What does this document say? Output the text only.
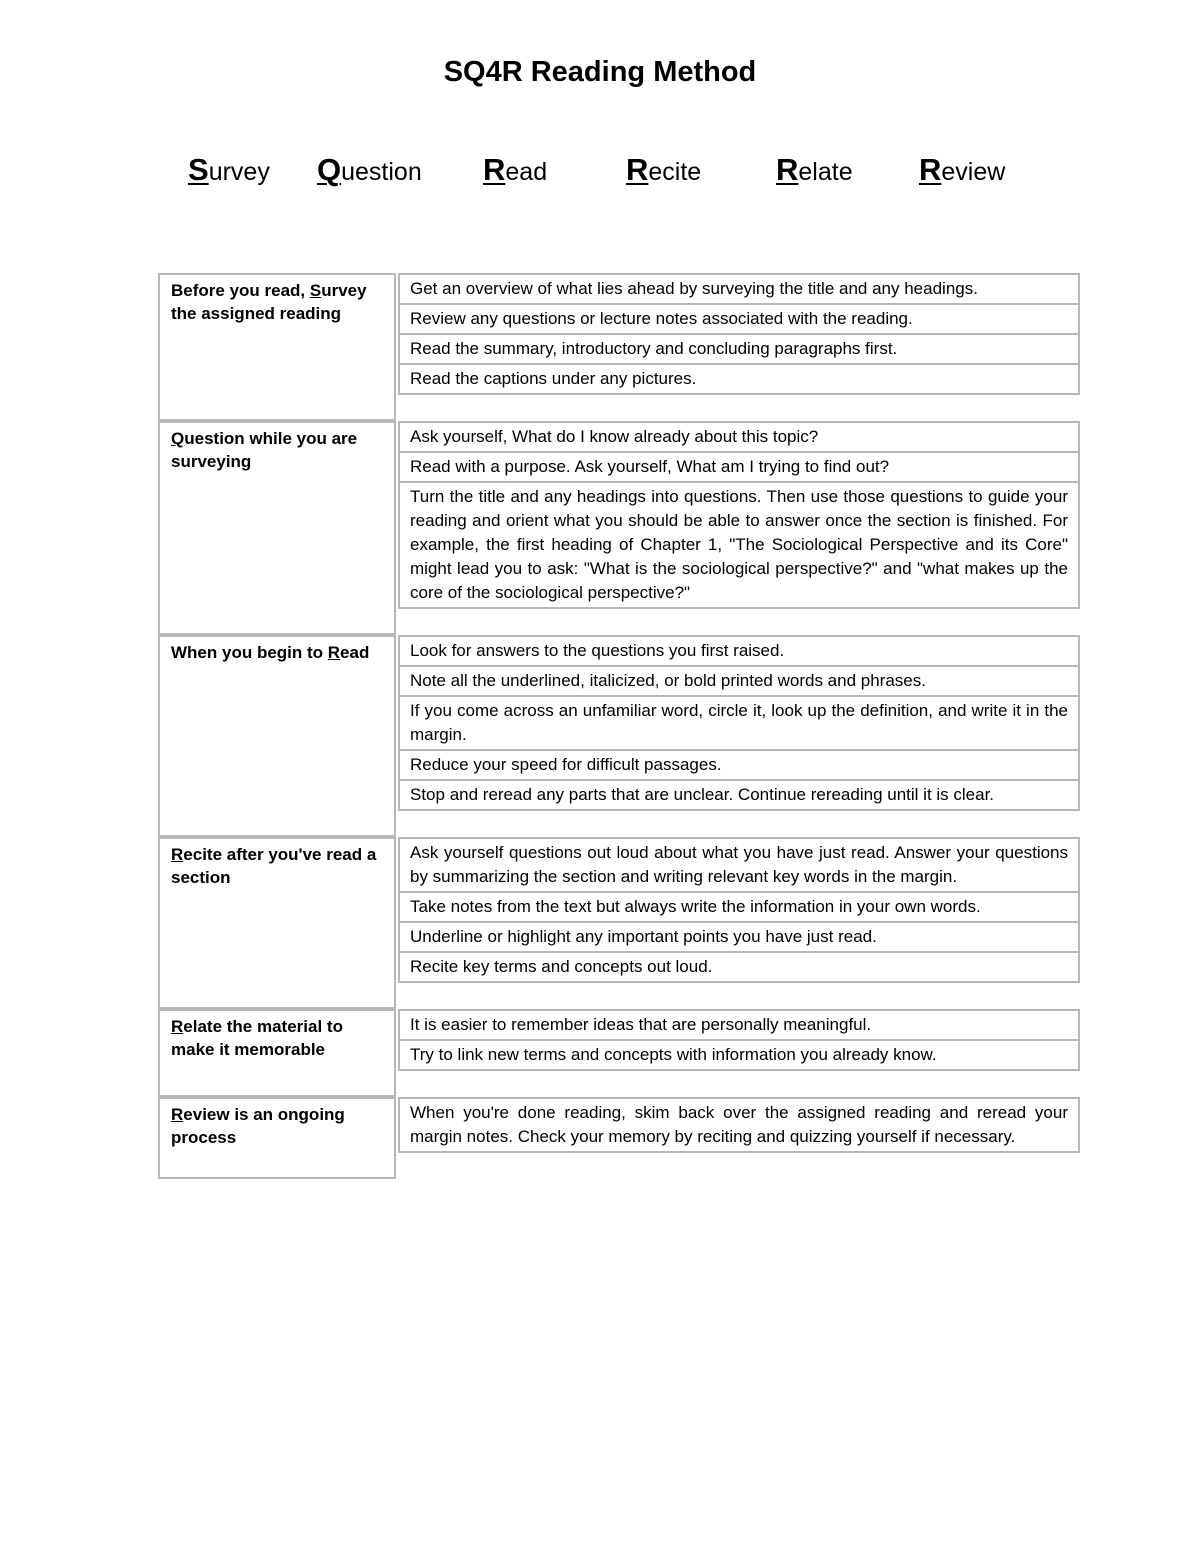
SQ4R Reading Method
Survey Question Read	Recite Relate Review
Before you read, Survey the assigned reading
Get an overview of what lies ahead by surveying the title and any headings.
Review any questions or lecture notes associated with the reading.
Read the summary, introductory and concluding paragraphs first.
Read the captions under any pictures.
Question while you are surveying
Ask yourself, What do I know already about this topic?
Read with a purpose. Ask yourself, What am I trying to find out?
Turn the title and any headings into questions. Then use those questions to guide your reading and orient what you should be able to answer once the section is finished. For example, the first heading of Chapter 1, "The Sociological Perspective and its Core" might lead you to ask: "What is the sociological perspective?" and "what makes up the core of the sociological perspective?"
When you begin to Read	Look for answers to the questions you first raised.
Note all the underlined, italicized, or bold printed words and phrases.
If you come across an unfamiliar word, circle it, look up the definition, and write it in the margin.
Reduce your speed for difficult passages.
Stop and reread any parts that are unclear. Continue rereading until it is clear.
Recite after you've read a section
Ask yourself questions out loud about what you have just read. Answer your questions by summarizing the section and writing relevant key words in the margin.
Take notes from the text but always write the information in your own words.
Underline or highlight any important points you have just read.
Recite key terms and concepts out loud.
Relate the material to make it memorable
It is easier to remember ideas that are personally meaningful.
Try to link new terms and concepts with information you already know.
Review is an ongoing process
When you're done reading, skim back over the assigned reading and reread your margin notes. Check your memory by reciting and quizzing yourself if necessary.
